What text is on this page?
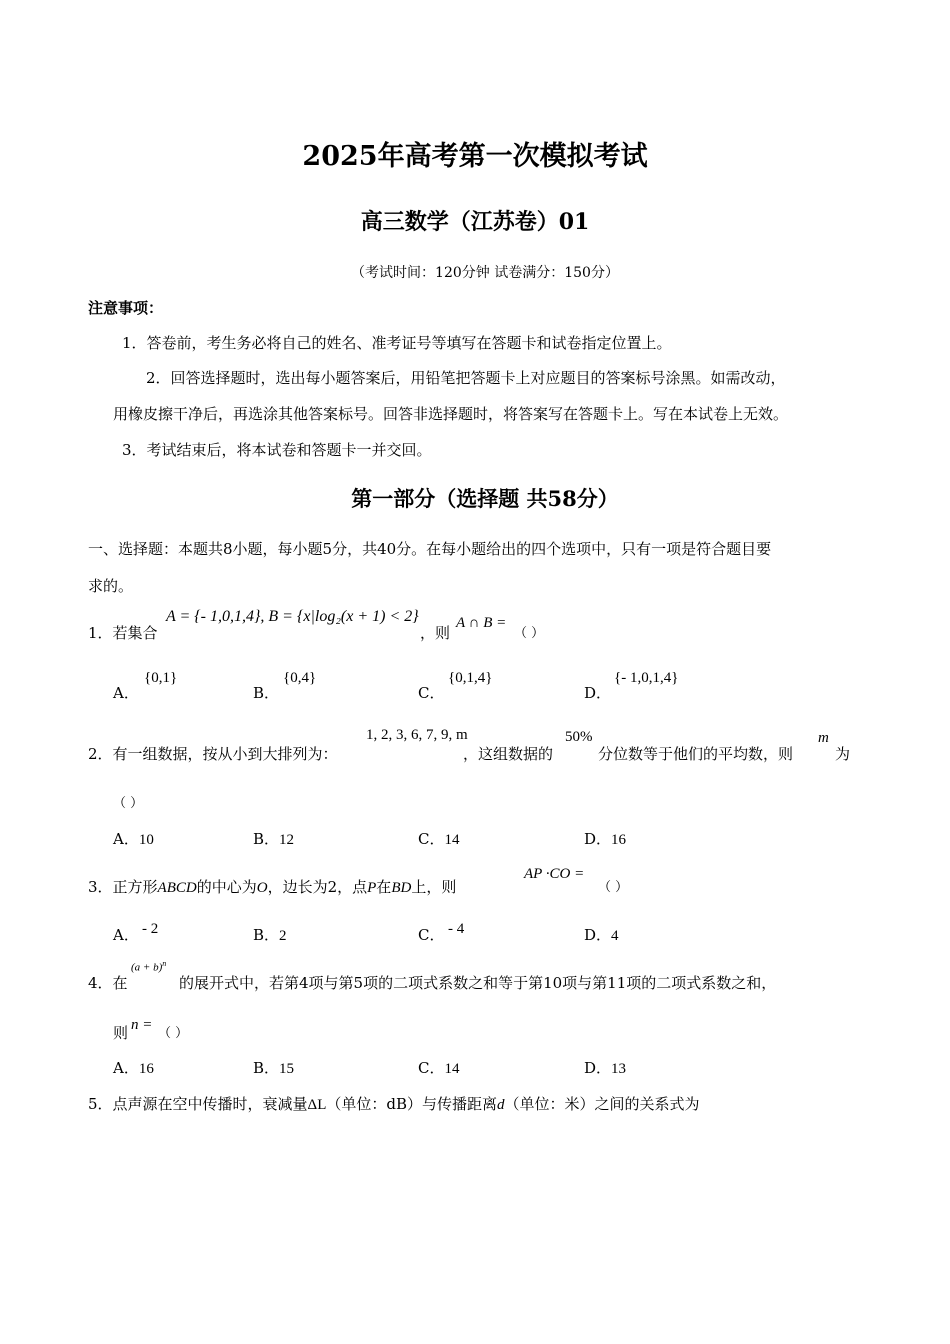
2025年高考第一次模拟考试
高三数学（江苏卷）01
（考试时间：120分钟 试卷满分：150分）
注意事项：
1．答卷前，考生务必将自己的姓名、准考证号等填写在答题卡和试卷指定位置上。
2．回答选择题时，选出每小题答案后，用铅笔把答题卡上对应题目的答案标号涂黑。如需改动，
用橡皮擦干净后，再选涂其他答案标号。回答非选择题时，将答案写在答题卡上。写在本试卷上无效。
3．考试结束后，将本试卷和答题卡一并交回。
第一部分（选择题 共58分）
一、选择题：本题共8小题，每小题5分，共40分。在每小题给出的四个选项中，只有一项是符合题目要
求的。
1．若集合
A = {- 1,0,1,4}, B = {x|log₂(x + 1) < 2}
，则
A ∩ B =
（ ）
A．
{0,1}
B．
{0,4}
C．
{0,1,4}
D．
{- 1,0,1,4}
2．有一组数据，按从小到大排列为：
1, 2, 3, 6, 7, 9, m
，这组数据的
50%
分位数等于他们的平均数，则
m
为
（ ）
A．10	B．12	C．14	D．16
3．正方形ABCD的中心为O，边长为2，点P在BD上，则
AP ·CO =
（ ）
A． - 2	B．2	C． - 4	D．4
4．在
$(a + b)^n$
的展开式中，若第4项与第5项的二项式系数之和等于第10项与第11项的二项式系数之和，
则 n =
（ ）
A．16	B．15	C．14	D．13
5．点声源在空中传播时，衰减量ΔL（单位：dB）与传播距离d（单位：米）之间的关系式为
